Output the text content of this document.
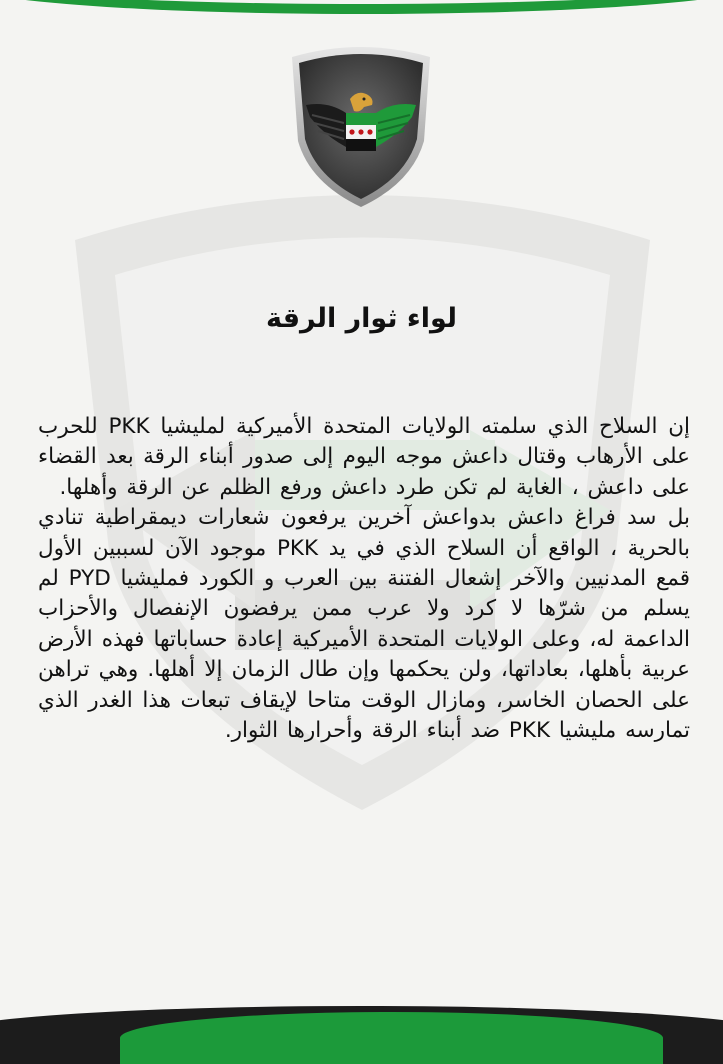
لواء ثوار الرقة

إن السلاح الذي سلمته الولايات المتحدة الأميركية لمليشيا PKK للحرب على الأرهاب وقتال داعش موجه اليوم إلى صدور أبناء الرقة بعد القضاء على داعش ، الغاية لم تكن طرد داعش ورفع الظلم عن الرقة وأهلها.

بل سد فراغ داعش بدواعش آخرين يرفعون شعارات ديمقراطية تنادي بالحرية ، الواقع أن السلاح الذي في يد PKK موجود الآن لسببين الأول قمع المدنيين والآخر إشعال الفتنة بين العرب و الكورد فمليشيا PYD لم يسلم من شرّها لا كرد ولا عرب ممن يرفضون الإنفصال والأحزاب الداعمة له، وعلى الولايات المتحدة الأميركية إعادة حساباتها فهذه الأرض عربية بأهلها، بعاداتها، ولن يحكمها وإن طال الزمان إلا أهلها. وهي تراهن على الحصان الخاسر، ومازال الوقت متاحا لإيقاف تبعات هذا الغدر الذي تمارسه مليشيا PKK ضد أبناء الرقة وأحرارها الثوار.
